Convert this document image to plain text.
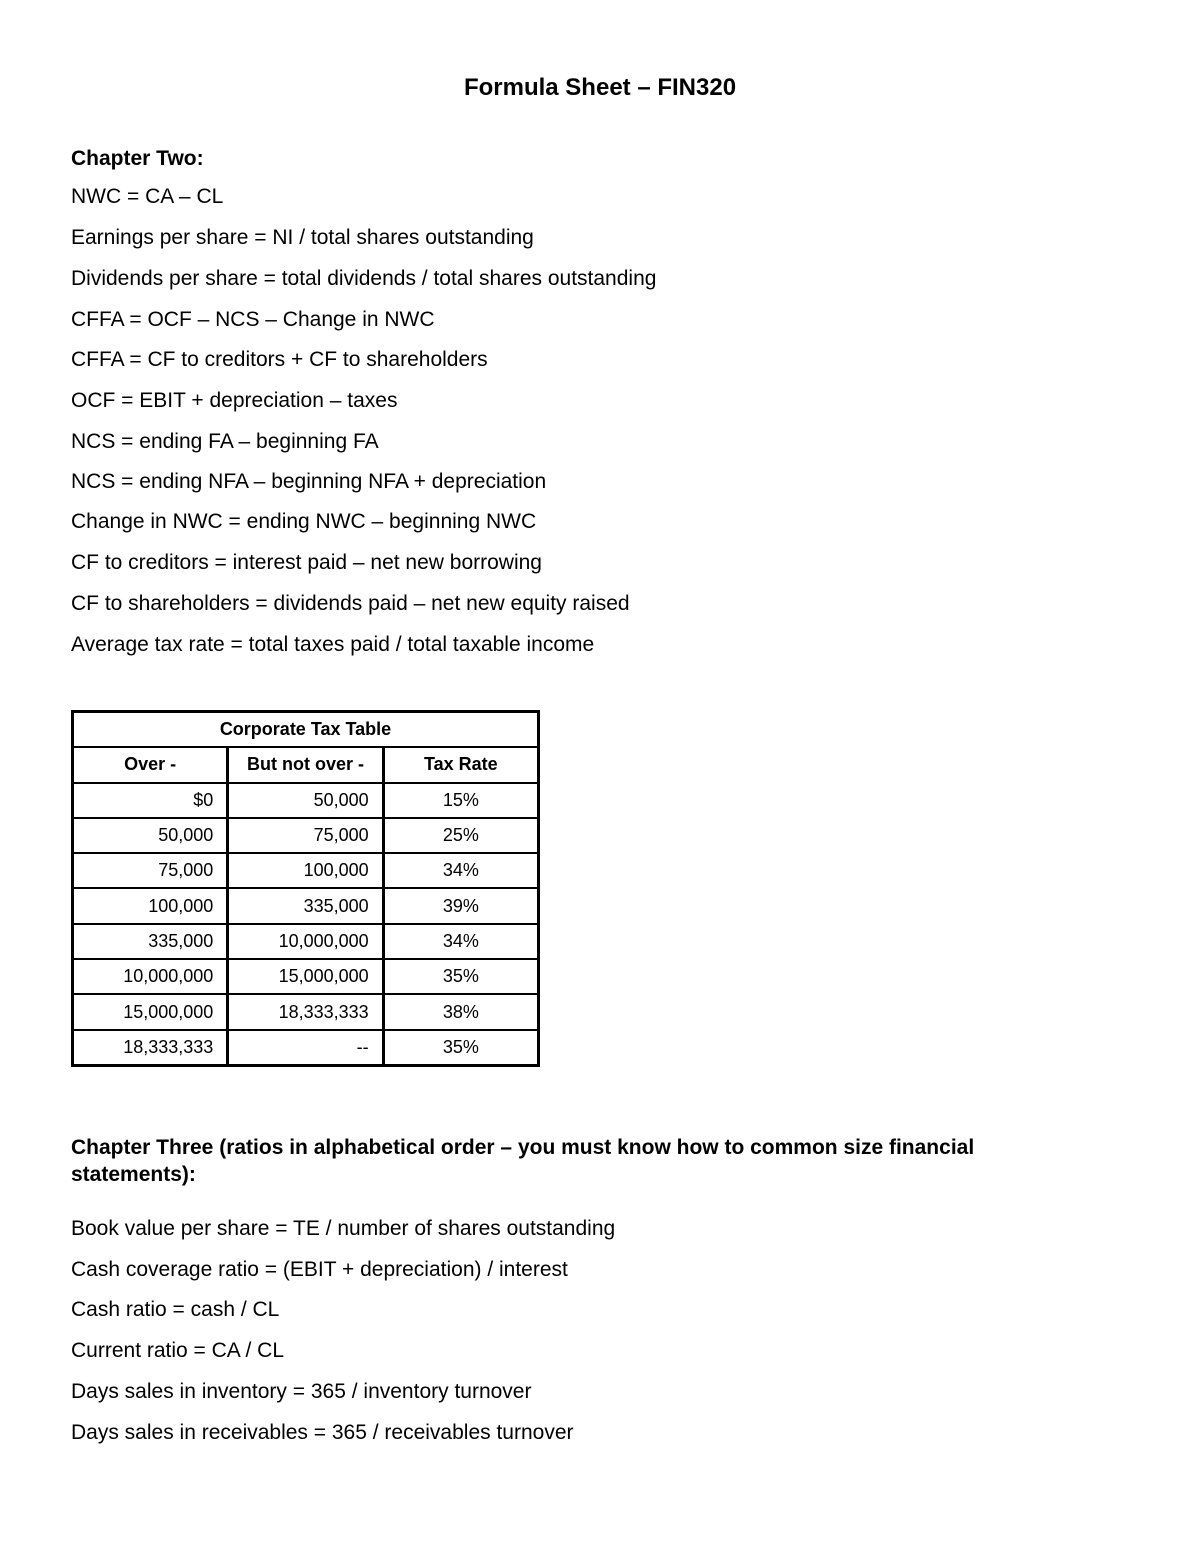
Formula Sheet – FIN320
Chapter Two:
NWC = CA – CL
Earnings per share = NI / total shares outstanding
Dividends per share = total dividends / total shares outstanding
CFFA = OCF – NCS – Change in NWC
CFFA = CF to creditors + CF to shareholders
OCF = EBIT + depreciation – taxes
NCS = ending FA – beginning FA
NCS = ending NFA – beginning NFA + depreciation
Change in NWC = ending NWC – beginning NWC
CF to creditors = interest paid – net new borrowing
CF to shareholders = dividends paid – net new equity raised
Average tax rate = total taxes paid / total taxable income
Corporate Tax Table		
Over -	But not over -	Tax Rate
$0	50,000	15%
50,000	75,000	25%
75,000	100,000	34%
100,000	335,000	39%
335,000	10,000,000	34%
10,000,000	15,000,000	35%
15,000,000	18,333,333	38%
18,333,333	--	35%
Chapter Three (ratios in alphabetical order – you must know how to common size financial
statements):
Book value per share = TE / number of shares outstanding
Cash coverage ratio = (EBIT + depreciation) / interest
Cash ratio = cash / CL
Current ratio = CA / CL
Days sales in inventory = 365 / inventory turnover
Days sales in receivables = 365 / receivables turnover
